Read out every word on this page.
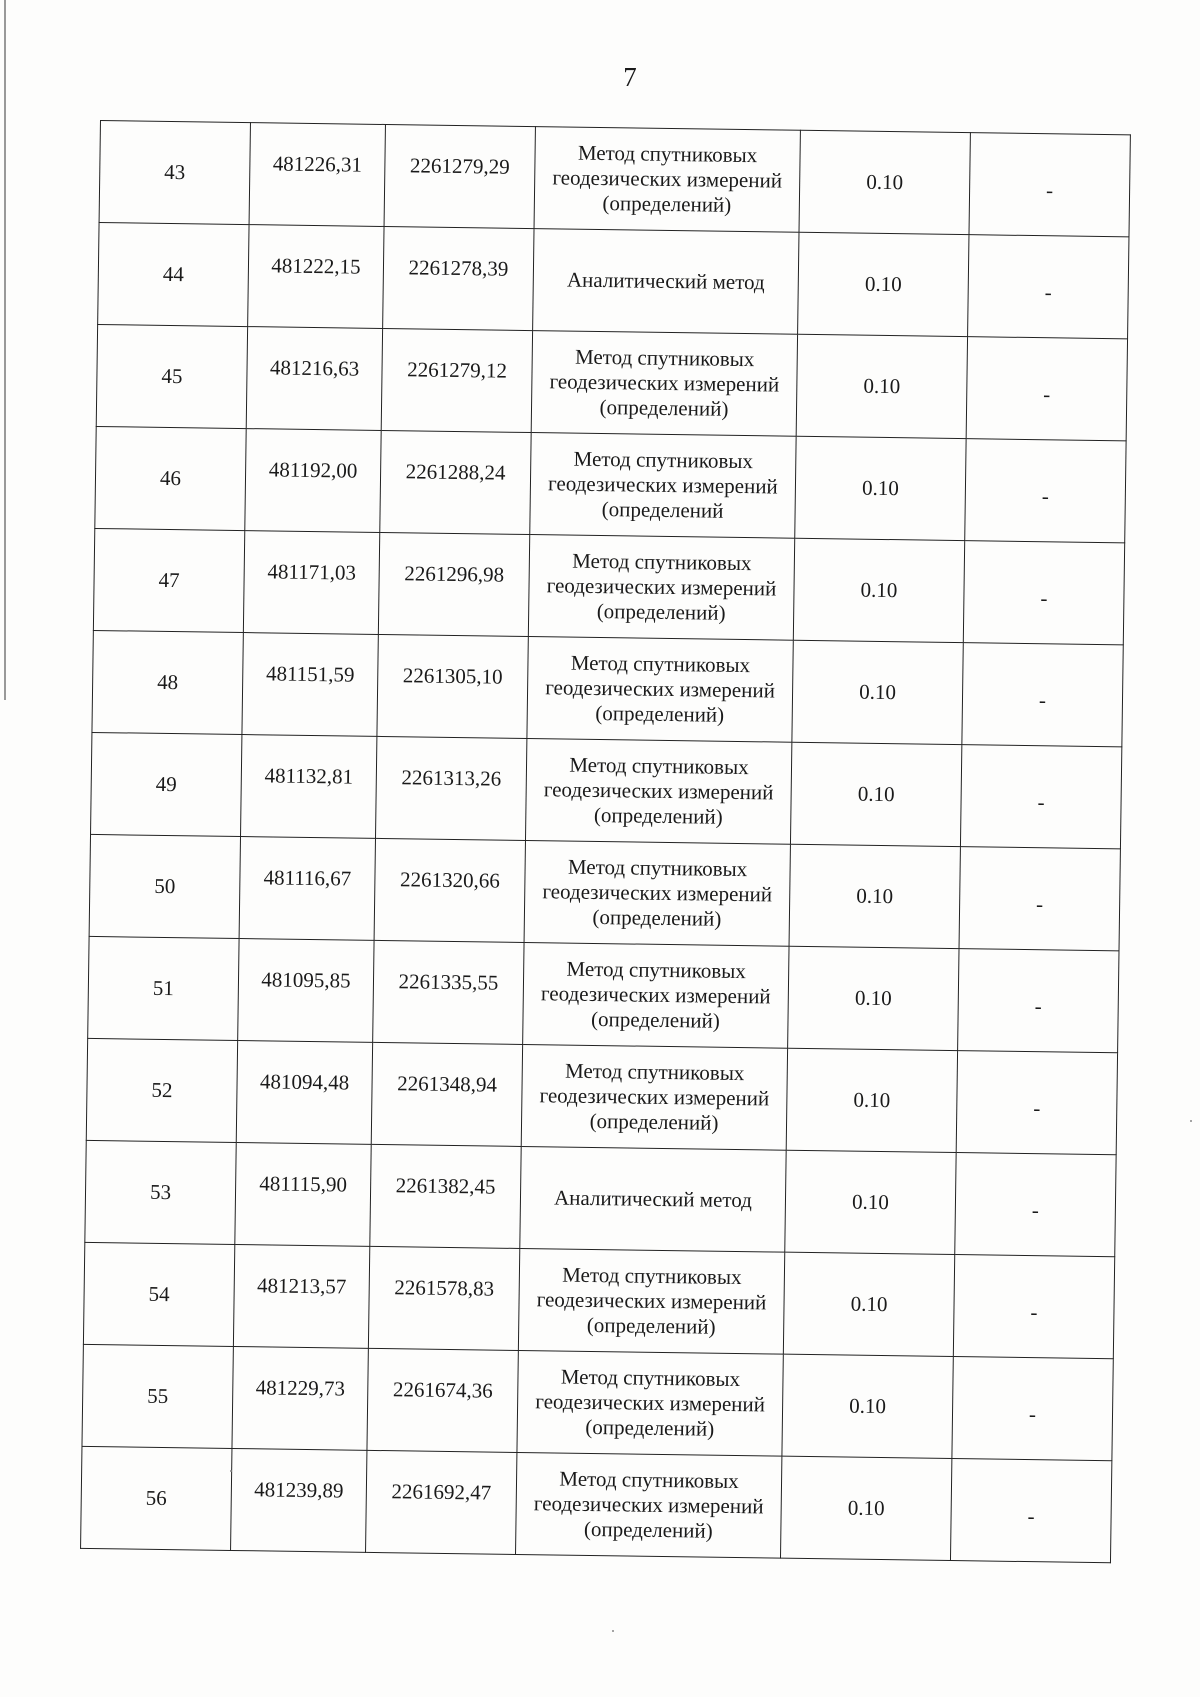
7
43	481226,31	2261279,29	Метод спутниковых геодезических измерений (определений)	0.10	-
44	481222,15	2261278,39	Аналитический метод	0.10	-
45	481216,63	2261279,12	Метод спутниковых геодезических измерений (определений)	0.10	-
46	481192,00	2261288,24	Метод спутниковых геодезических измерений (определений	0.10	-
47	481171,03	2261296,98	Метод спутниковых геодезических измерений (определений)	0.10	-
48	481151,59	2261305,10	Метод спутниковых геодезических измерений (определений)	0.10	-
49	481132,81	2261313,26	Метод спутниковых геодезических измерений (определений)	0.10	-
50	481116,67	2261320,66	Метод спутниковых геодезических измерений (определений)	0.10	-
51	481095,85	2261335,55	Метод спутниковых геодезических измерений (определений)	0.10	-
52	481094,48	2261348,94	Метод спутниковых геодезических измерений (определений)	0.10	-
53	481115,90	2261382,45	Аналитический метод	0.10	-
54	481213,57	2261578,83	Метод спутниковых геодезических измерений (определений)	0.10	-
55	481229,73	2261674,36	Метод спутниковых геодезических измерений (определений)	0.10	-
56	481239,89	2261692,47	Метод спутниковых геодезических измерений (определений)	0.10	-
